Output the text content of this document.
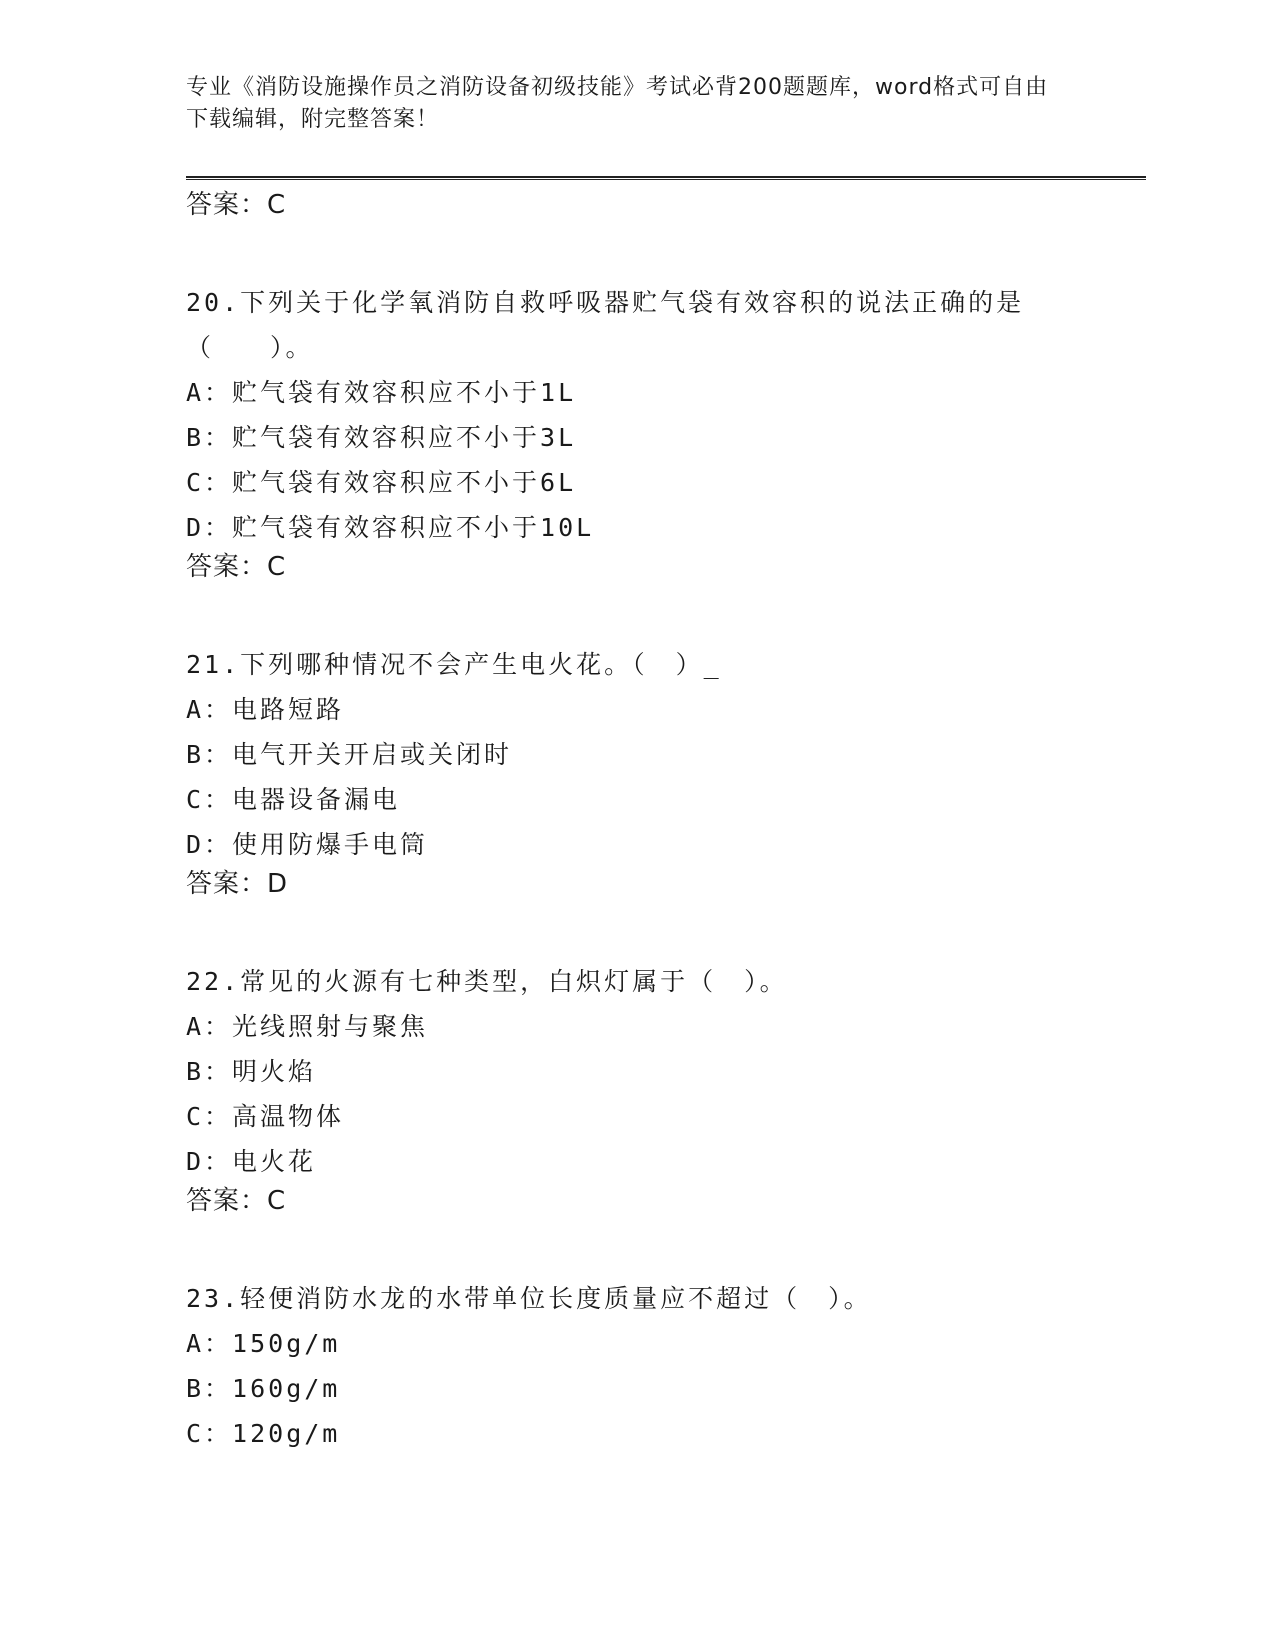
专业《消防设施操作员之消防设备初级技能》考试必背200题题库，word格式可自由下载编辑，附完整答案！
答案：C
20.下列关于化学氧消防自救呼吸器贮气袋有效容积的说法正确的是（　　）。
A：贮气袋有效容积应不小于1L
B：贮气袋有效容积应不小于3L
C：贮气袋有效容积应不小于6L
D：贮气袋有效容积应不小于10L
答案：C
21.下列哪种情况不会产生电火花。（　）_
A：电路短路
B：电气开关开启或关闭时
C：电器设备漏电
D：使用防爆手电筒
答案：D
22.常见的火源有七种类型，白炽灯属于（　）。
A：光线照射与聚焦
B：明火焰
C：高温物体
D：电火花
答案：C
23.轻便消防水龙的水带单位长度质量应不超过（　）。
A：150g/m
B：160g/m
C：120g/m
